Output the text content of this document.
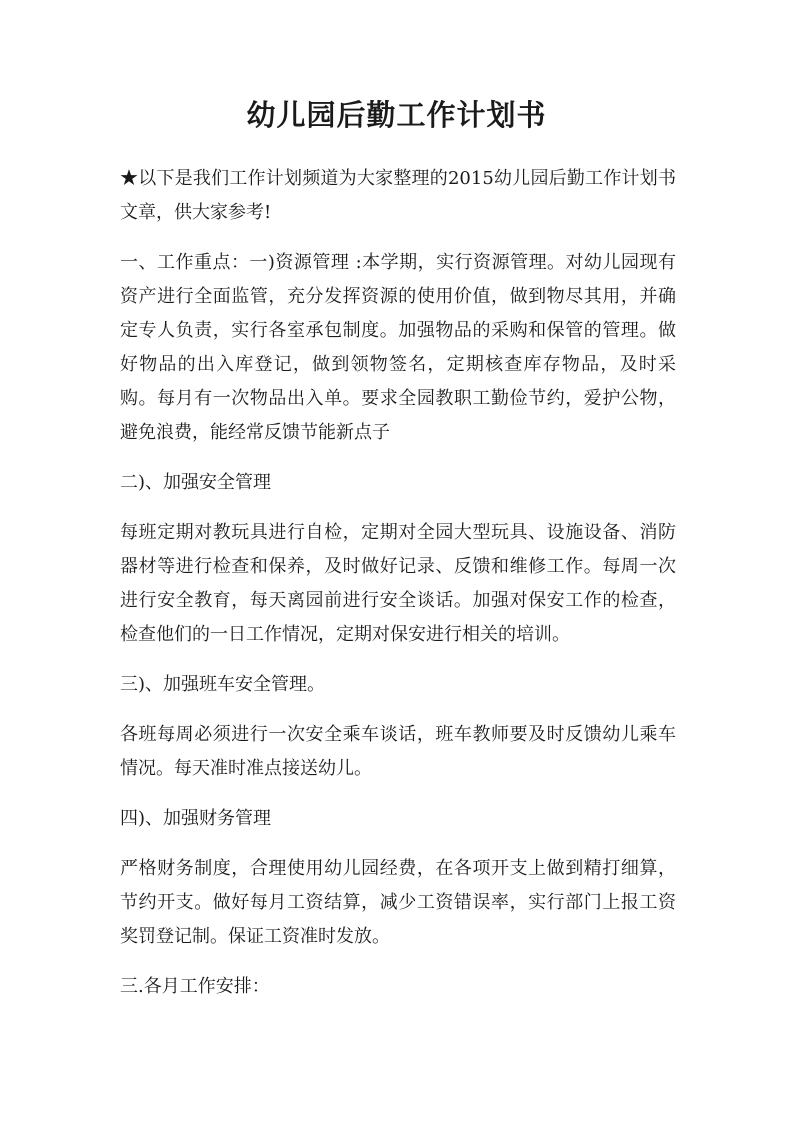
幼儿园后勤工作计划书

★以下是我们工作计划频道为大家整理的2015幼儿园后勤工作计划书文章，供大家参考!

一、工作重点：一)资源管理 :本学期，实行资源管理。对幼儿园现有资产进行全面监管，充分发挥资源的使用价值，做到物尽其用，并确定专人负责，实行各室承包制度。加强物品的采购和保管的管理。做好物品的出入库登记，做到领物签名，定期核查库存物品，及时采购。每月有一次物品出入单。要求全园教职工勤俭节约，爱护公物，避免浪费，能经常反馈节能新点子

二)、加强安全管理

每班定期对教玩具进行自检，定期对全园大型玩具、设施设备、消防器材等进行检查和保养，及时做好记录、反馈和维修工作。每周一次进行安全教育，每天离园前进行安全谈话。加强对保安工作的检查，检查他们的一日工作情况，定期对保安进行相关的培训。

三)、加强班车安全管理。

各班每周必须进行一次安全乘车谈话，班车教师要及时反馈幼儿乘车情况。每天准时准点接送幼儿。

四)、加强财务管理

严格财务制度，合理使用幼儿园经费，在各项开支上做到精打细算，节约开支。做好每月工资结算，减少工资错误率，实行部门上报工资奖罚登记制。保证工资准时发放。

三.各月工作安排：
